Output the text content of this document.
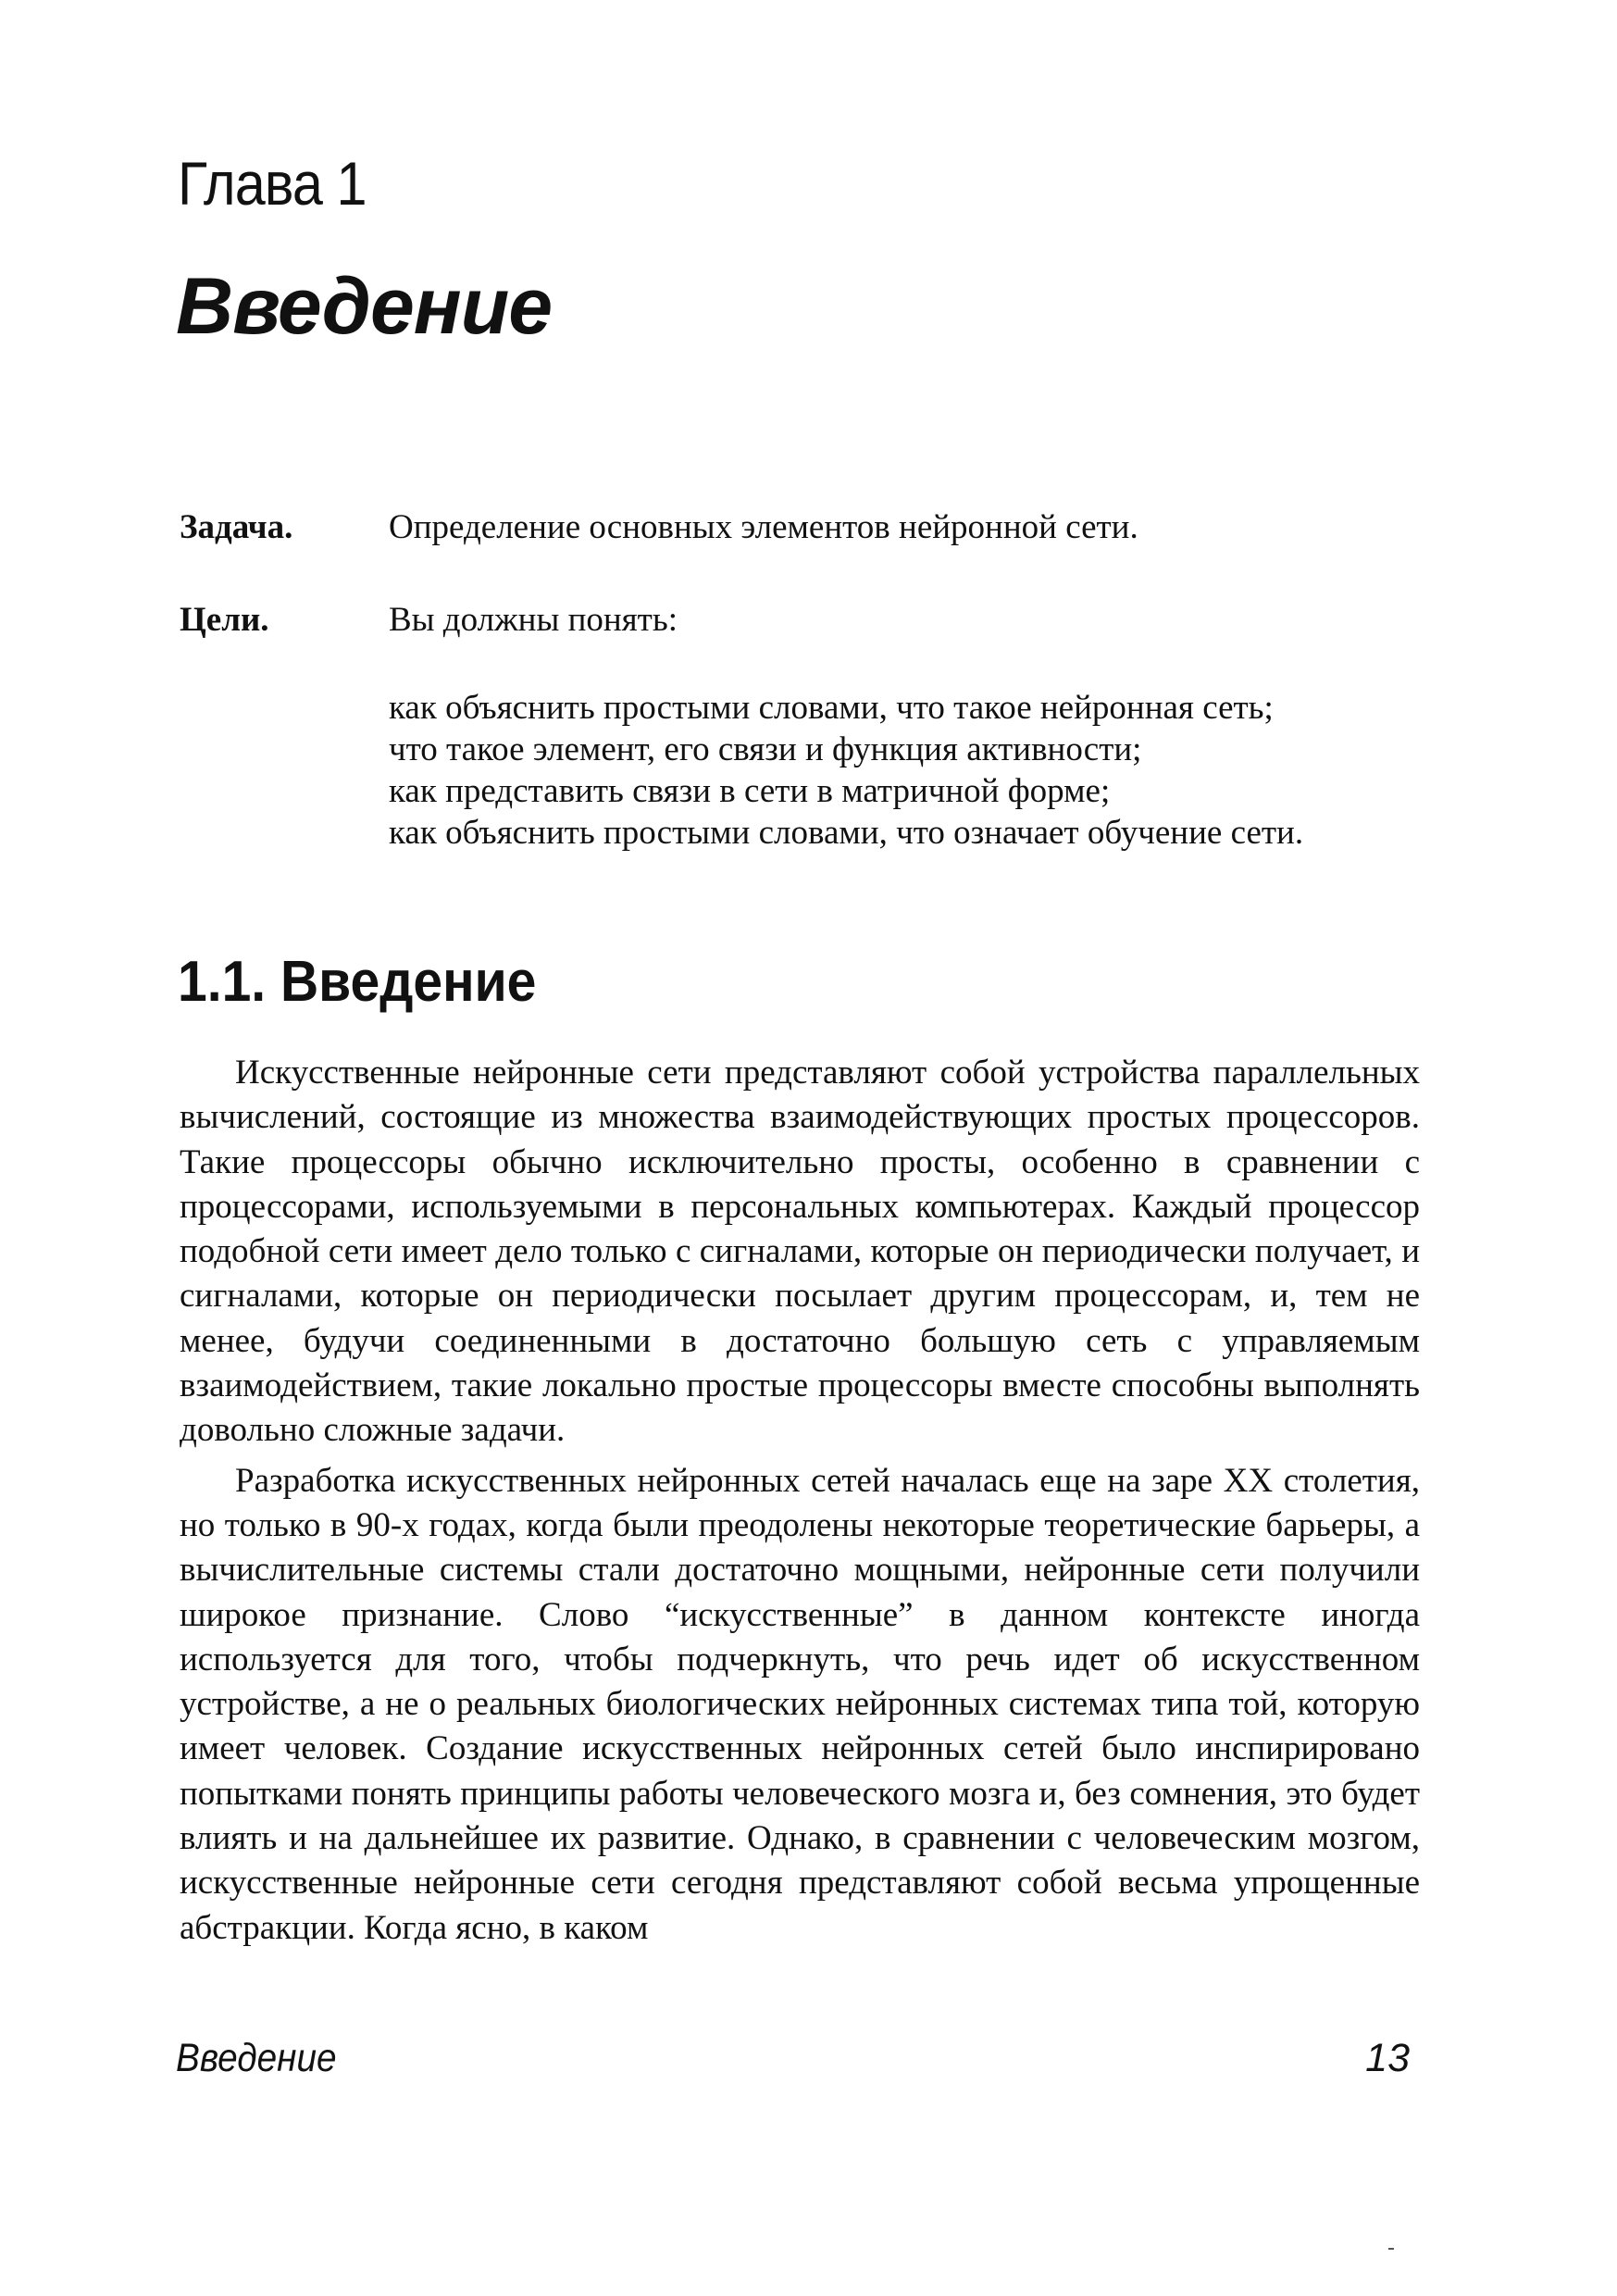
Глава 1
Введение
Задача.	Определение основных элементов нейронной сети.
Цели.	Вы должны понять:
как объяснить простыми словами, что такое нейронная сеть;
что такое элемент, его связи и функция активности;
как представить связи в сети в матричной форме;
как объяснить простыми словами, что означает обучение сети.
1.1. Введение

Искусственные нейронные сети представляют собой устройства параллельных вычислений, состоящие из множества взаимодействующих простых процессоров. Такие процессоры обычно исключительно просты, особенно в сравнении с процессорами, используемыми в персональных компьютерах. Каждый процессор подобной сети имеет дело только с сигналами, которые он периодически получает, и сигналами, которые он периодически посылает другим процессорам, и, тем не менее, будучи соединенными в достаточно большую сеть с управляемым взаимодействием, такие локально простые процессоры вместе способны выполнять довольно сложные задачи.

Разработка искусственных нейронных сетей началась еще на заре XX столетия, но только в 90-х годах, когда были преодолены некоторые теоретические барьеры, а вычислительные системы стали достаточно мощными, нейронные сети получили широкое признание. Слово “искусственные” в данном контексте иногда используется для того, чтобы подчеркнуть, что речь идет об искусственном устройстве, а не о реальных биологических нейронных системах типа той, которую имеет человек. Создание искусственных нейронных сетей было инспирировано попытками понять принципы работы человеческого мозга и, без сомнения, это будет влиять и на дальнейшее их развитие. Однако, в сравнении с человеческим мозгом, искусственные нейронные сети сегодня представляют собой весьма упрощенные абстракции. Когда ясно, в каком

Введение	13
